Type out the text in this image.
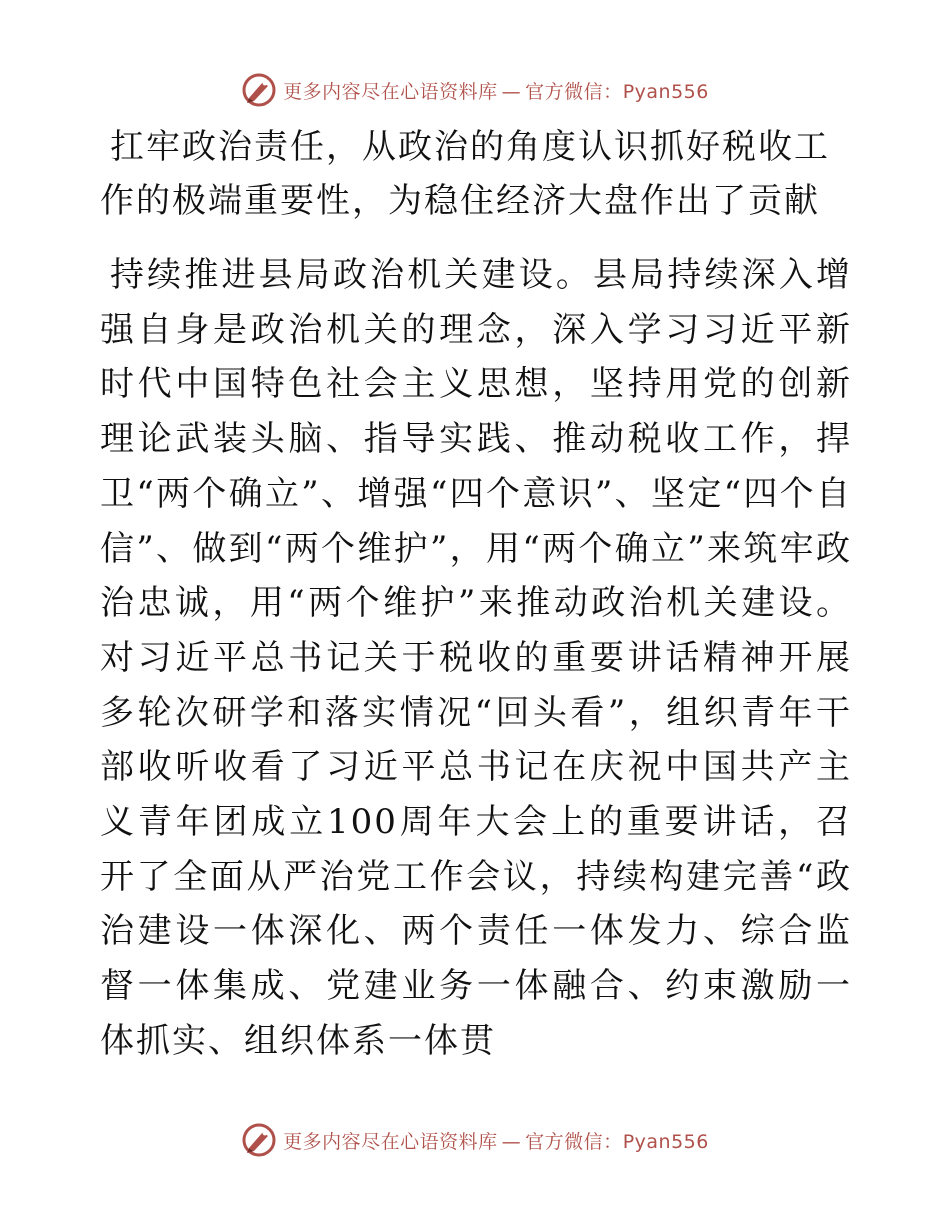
更多内容尽在心语资料库 — 官方微信：Pyan556

扛牢政治责任，从政治的角度认识抓好税收工作的极端重要性，为稳住经济大盘作出了贡献

持续推进县局政治机关建设。县局持续深入增强自身是政治机关的理念，深入学习习近平新时代中国特色社会主义思想，坚持用党的创新理论武装头脑、指导实践、推动税收工作，捍卫“两个确立”、增强“四个意识”、坚定“四个自信”、做到“两个维护”，用“两个确立”来筑牢政治忠诚，用“两个维护”来推动政治机关建设。对习近平总书记关于税收的重要讲话精神开展多轮次研学和落实情况“回头看”，组织青年干部收听收看了习近平总书记在庆祝中国共产主义青年团成立100周年大会上的重要讲话，召开了全面从严治党工作会议，持续构建完善“政治建设一体深化、两个责任一体发力、综合监督一体集成、党建业务一体融合、约束激励一体抓实、组织体系一体贯

更多内容尽在心语资料库 — 官方微信：Pyan556
